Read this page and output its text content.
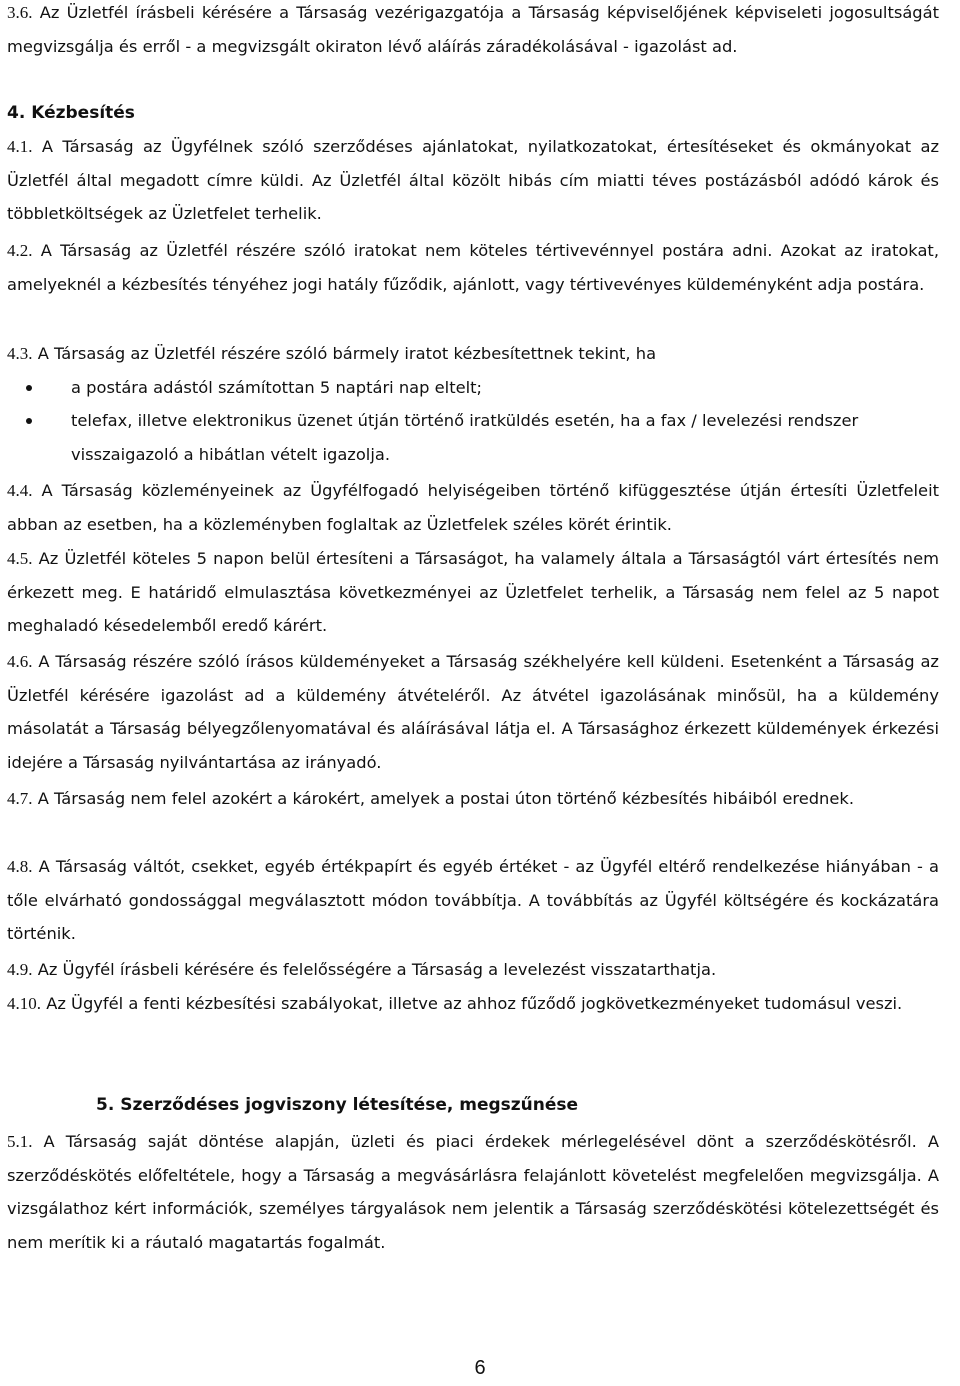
3.6. Az Üzletfél írásbeli kérésére a Társaság vezérigazgatója a Társaság képviselőjének képviseleti jogosultságát megvizsgálja és erről - a megvizsgált okiraton lévő aláírás záradékolásával - igazolást ad.

4. Kézbesítés

4.1. A Társaság az Ügyfélnek szóló szerződéses ajánlatokat, nyilatkozatokat, értesítéseket és okmányokat az Üzletfél által megadott címre küldi. Az Üzletfél által közölt hibás cím miatti téves postázásból adódó károk és többletköltségek az Üzletfelet terhelik.

4.2. A Társaság az Üzletfél részére szóló iratokat nem köteles tértivevénnyel postára adni. Azokat az iratokat, amelyeknél a kézbesítés tényéhez jogi hatály fűződik, ajánlott, vagy tértivevényes küldeményként adja postára.

4.3. A Társaság az Üzletfél részére szóló bármely iratot kézbesítettnek tekint, ha

a postára adástól számítottan 5 naptári nap eltelt;
telefax, illetve elektronikus üzenet útján történő iratküldés esetén, ha a fax / levelezési rendszer visszaigazoló a hibátlan vételt igazolja.

4.4. A Társaság közleményeinek az Ügyfélfogadó helyiségeiben történő kifüggesztése útján értesíti Üzletfeleit abban az esetben, ha a közleményben foglaltak az Üzletfelek széles körét érintik.

4.5. Az Üzletfél köteles 5 napon belül értesíteni a Társaságot, ha valamely általa a Társaságtól várt értesítés nem érkezett meg. E határidő elmulasztása következményei az Üzletfelet terhelik, a Társaság nem felel az 5 napot meghaladó késedelemből eredő kárért.

4.6. A Társaság részére szóló írásos küldeményeket a Társaság székhelyére kell küldeni. Esetenként a Társaság az Üzletfél kérésére igazolást ad a küldemény átvételéről. Az átvétel igazolásának minősül, ha a küldemény másolatát a Társaság bélyegzőlenyomatával és aláírásával látja el. A Társasághoz érkezett küldemények érkezési idejére a Társaság nyilvántartása az irányadó.

4.7. A Társaság nem felel azokért a károkért, amelyek a postai úton történő kézbesítés hibáiból erednek.

4.8. A Társaság váltót, csekket, egyéb értékpapírt és egyéb értéket - az Ügyfél eltérő rendelkezése hiányában - a tőle elvárható gondossággal megválasztott módon továbbítja. A továbbítás az Ügyfél költségére és kockázatára történik.

4.9. Az Ügyfél írásbeli kérésére és felelősségére a Társaság a levelezést visszatarthatja.

4.10. Az Ügyfél a fenti kézbesítési szabályokat, illetve az ahhoz fűződő jogkövetkezményeket tudomásul veszi.

5. Szerződéses jogviszony létesítése, megszűnése

5.1. A Társaság saját döntése alapján, üzleti és piaci érdekek mérlegelésével dönt a szerződéskötésről. A szerződéskötés előfeltétele, hogy a Társaság a megvásárlásra felajánlott követelést megfelelően megvizsgálja. A vizsgálathoz kért információk, személyes tárgyalások nem jelentik a Társaság szerződéskötési kötelezettségét és nem merítik ki a ráutaló magatartás fogalmát.

6
